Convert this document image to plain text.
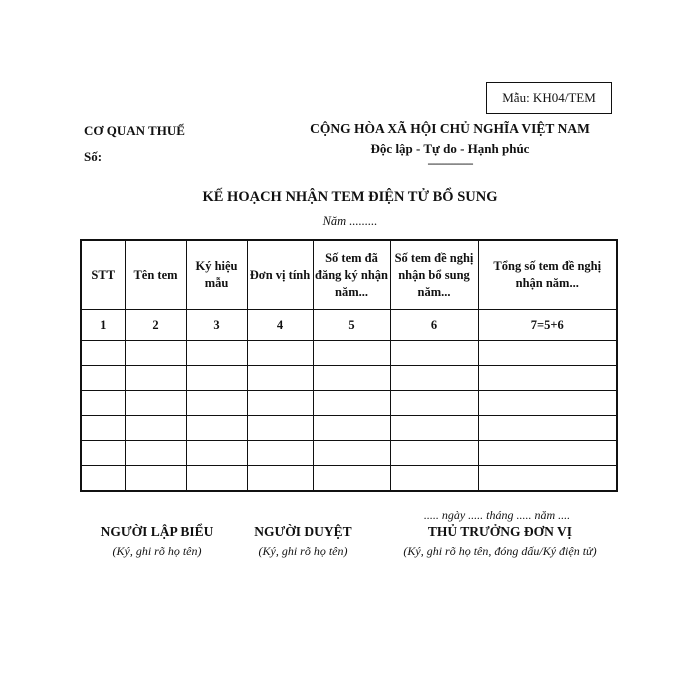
Mẫu: KH04/TEM
CƠ QUAN THUẾ
Số:
CỘNG HÒA XÃ HỘI CHỦ NGHĨA VIỆT NAM
Độc lập - Tự do - Hạnh phúc
---------------
KẾ HOẠCH NHẬN TEM ĐIỆN TỬ BỔ SUNG
Năm .........
STT	Tên tem	Ký hiệu mẫu	Đơn vị tính	Số tem đã đăng ký nhận năm...	Số tem đề nghị nhận bổ sung năm...	Tổng số tem đề nghị nhận năm...
1	2	3	4	5	6	7=5+6

..... ngày ..... tháng ..... năm ....
NGƯỜI LẬP BIỂU
(Ký, ghi rõ họ tên)
NGƯỜI DUYỆT
(Ký, ghi rõ họ tên)
THỦ TRƯỞNG ĐƠN VỊ
(Ký, ghi rõ họ tên, đóng dấu/Ký điện tử)
